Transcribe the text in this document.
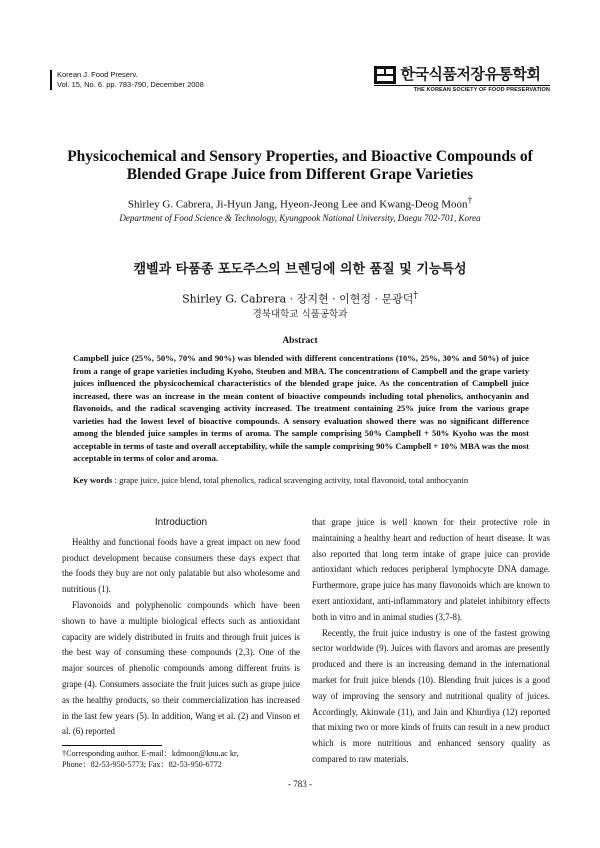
Korean J. Food Preserv.
Vol. 15, No. 6. pp. 783-790, December 2008
한국식품저장유통학회
THE KOREAN SOCIETY OF FOOD PRESERVATION
Physicochemical and Sensory Properties, and Bioactive Compounds of
Blended Grape Juice from Different Grape Varieties
Shirley G. Cabrera, Ji-Hyun Jang, Hyeon-Jeong Lee and Kwang-Deog Moon†
Department of Food Science & Technology, Kyungpook National University, Daegu 702-701, Korea
캠벨과 타품종 포도주스의 브렌딩에 의한 품질 및 기능특성
Shirley G. Cabrera · 장지현 · 이현정 · 문광덕†
경북대학교 식품공학과
Abstract
Campbell juice (25%, 50%, 70% and 90%) was blended with different concentrations (10%, 25%, 30% and 50%) of juice from a range of grape varieties including Kyoho, Steuben and MBA. The concentrations of Campbell and the grape variety juices influenced the physicochemical characteristics of the blended grape juice. As the concentration of Campbell juice increased, there was an increase in the mean content of bioactive compounds including total phenolics, anthocyanin and flavonoids, and the radical scavenging activity increased. The treatment containing 25% juice from the various grape varieties had the lowest level of bioactive compounds. A sensory evaluation showed there was no significant difference among the blended juice samples in terms of aroma. The sample comprising 50% Campbell + 50% Kyoho was the most acceptable in terms of taste and overall acceptability, while the sample comprising 90% Campbell + 10% MBA was the most acceptable in terms of color and aroma.
Key words : grape juice, juice blend, total phenolics, radical scavenging activity, total flavonoid, total anthocyanin
Introduction

Healthy and functional foods have a great impact on new food product development because consumers these days expect that the foods they buy are not only palatable but also wholesome and nutritious (1).

Flavonoids and polyphenolic compounds which have been shown to have a multiple biological effects such as antioxidant capacity are widely distributed in fruits and through fruit juices is the best way of consuming these compounds (2,3). One of the major sources of phenolic compounds among different fruits is grape (4). Consumers associate the fruit juices such as grape juice as the healthy products, so their commercialization has increased in the last few years (5). In addition, Wang et al. (2) and Vinson et al. (6) reported

that grape juice is well known for their protective role in maintaining a healthy heart and reduction of heart disease. It was also reported that long term intake of grape juice can provide antioxidant which reduces peripheral lymphocyte DNA damage. Furthermore, grape juice has many flavonoids which are known to exert antioxidant, anti-inflammatory and platelet inhibitory effects both in vitro and in animal studies (3,7-8).

Recently, the fruit juice industry is one of the fastest growing sector worldwide (9). Juices with flavors and aromas are presently produced and there is an increasing demand in the international market for fruit juice blends (10). Blending fruit juices is a good way of improving the sensory and nutritional quality of juices. Accordingly, Akinwale (11), and Jain and Khurdiya (12) reported that mixing two or more kinds of fruits can result in a new product which is more nutritious and enhanced sensory quality as compared to raw materials.

†Corresponding author. E-mail：kdmoon@knu.ac kr,
Phone：82-53-950-5773; Fax：82-53-950-6772
- 783 -
